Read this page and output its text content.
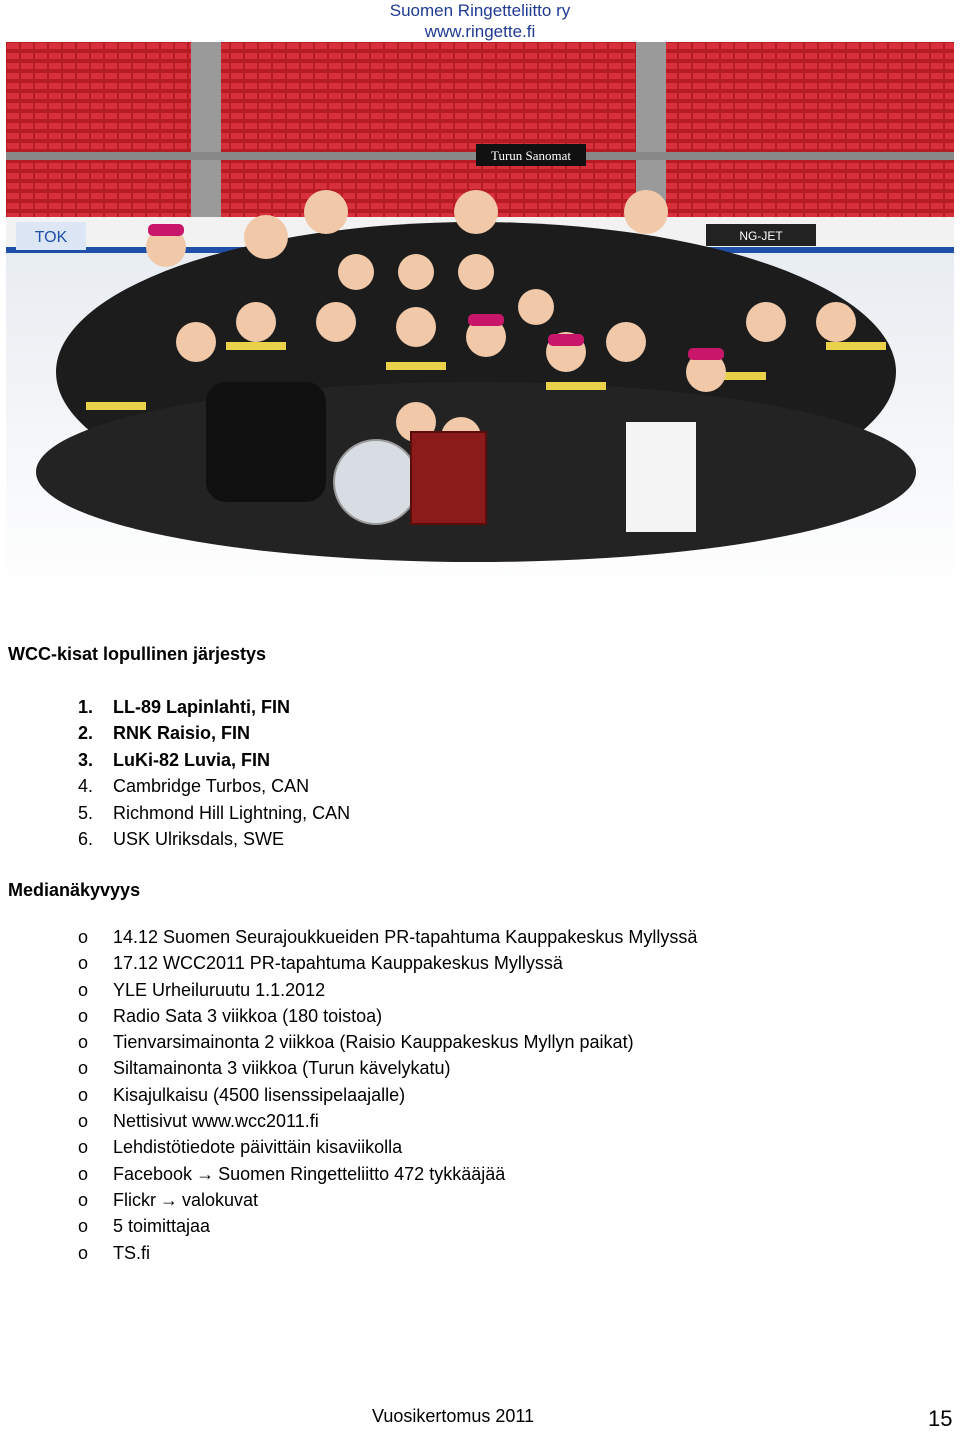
Suomen Ringetteliitto ry
www.ringette.fi
Turun Sanomat
TOK	NG-JET
WCC-kisat lopullinen järjestys
1. LL-89 Lapinlahti, FIN
2. RNK Raisio, FIN
3. LuKi-82 Luvia, FIN
4. Cambridge Turbos, CAN
5. Richmond Hill Lightning, CAN
6. USK Ulriksdals, SWE
Medianäkyvyys
o 14.12 Suomen Seurajoukkueiden PR-tapahtuma Kauppakeskus Myllyssä
o 17.12 WCC2011 PR-tapahtuma Kauppakeskus Myllyssä
o YLE Urheiluruutu 1.1.2012
o Radio Sata 3 viikkoa (180 toistoa)
o Tienvarsimainonta 2 viikkoa (Raisio Kauppakeskus Myllyn paikat)
o Siltamainonta 3 viikkoa (Turun kävelykatu)
o Kisajulkaisu (4500 lisenssipelaajalle)
o Nettisivut www.wcc2011.fi
o Lehdistötiedote päivittäin kisaviikolla
o Facebook → Suomen Ringetteliitto 472 tykkääjää
o Flickr → valokuvat
o 5 toimittajaa
o TS.fi
Vuosikertomus 2011	15
